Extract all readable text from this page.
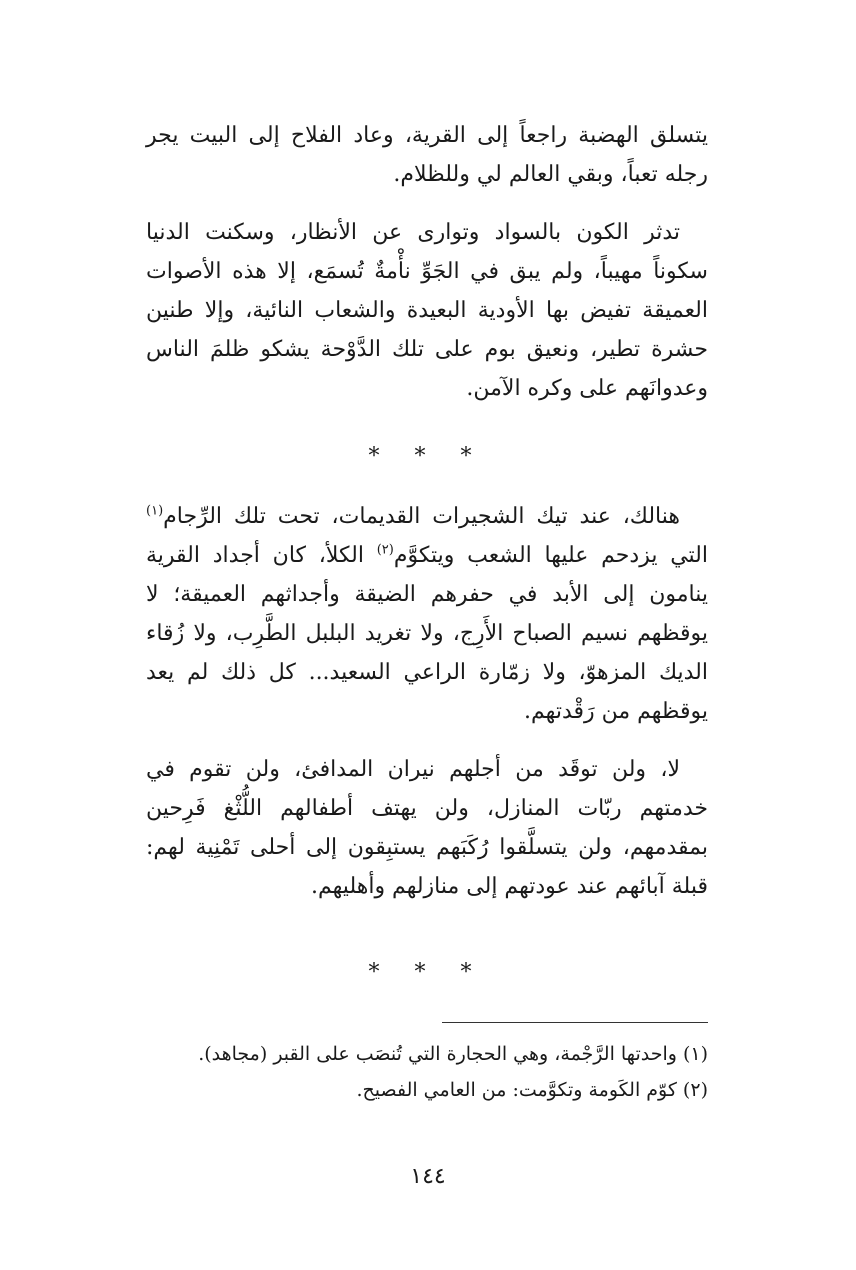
يتسلق الهضبة راجعاً إلى القرية، وعاد الفلاح إلى البيت يجر رجله تعباً، وبقي العالم لي وللظلام.

تدثر الكون بالسواد وتوارى عن الأنظار، وسكنت الدنيا سكوناً مهيباً، ولم يبق في الجَوِّ نأْمةٌ تُسمَع، إلا هذه الأصوات العميقة تفيض بها الأودية البعيدة والشعاب النائية، وإلا طنين حشرة تطير، ونعيق بوم على تلك الدَّوْحة يشكو ظلمَ الناس وعدوانَهم على وكره الآمن.

* * *

هنالك، عند تيك الشجيرات القديمات، تحت تلك الرِّجام$^{(١)}$ التي يزدحم عليها الشعب ويتكوَّم$^{(٢)}$ الكلأ، كان أجداد القرية ينامون إلى الأبد في حفرهم الضيقة وأجداثهم العميقة؛ لا يوقظهم نسيم الصباح الأَرِج، ولا تغريد البلبل الطَّرِب، ولا زُقاء الديك المزهوّ، ولا زمّارة الراعي السعيد... كل ذلك لم يعد يوقظهم من رَقْدتهم.

لا، ولن توقَد من أجلهم نيران المدافئ، ولن تقوم في خدمتهم ربّات المنازل، ولن يهتف أطفالهم اللُّثْغ فَرِحين بمقدمهم، ولن يتسلَّقوا رُكَبَهم يستبِقون إلى أحلى تَمْنِية لهم: قبلة آبائهم عند عودتهم إلى منازلهم وأهليهم.

* * *

(١) واحدتها الرَّجْمة، وهي الحجارة التي تُنصَب على القبر (مجاهد).

(٢) كوّم الكَومة وتكوَّمت: من العامي الفصيح.

١٤٤
